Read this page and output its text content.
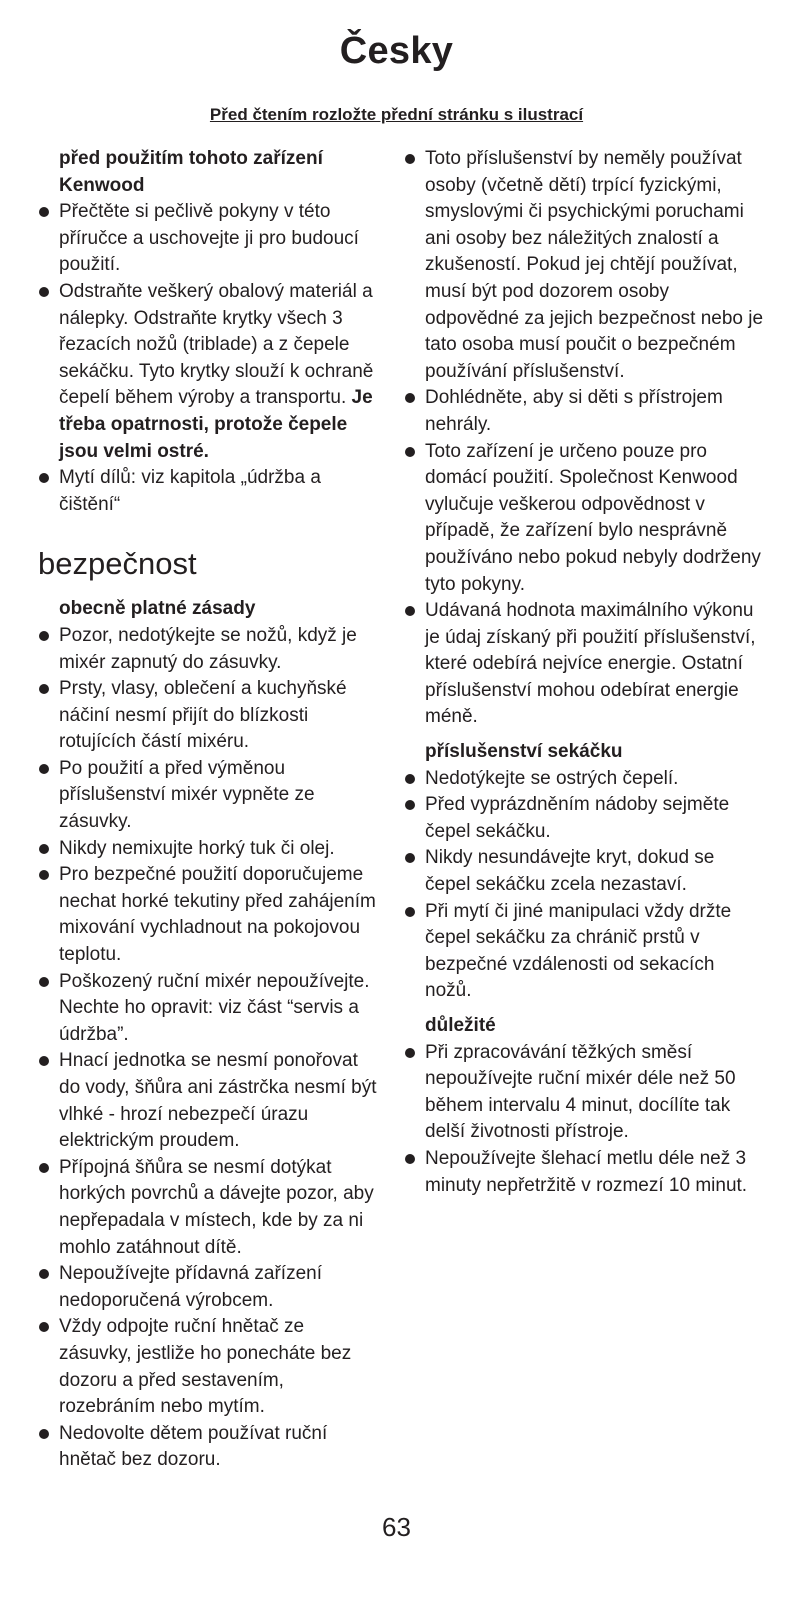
Česky
Před čtením rozložte přední stránku s ilustrací
před použitím tohoto zařízení Kenwood
Přečtěte si pečlivě pokyny v této příručce a uschovejte ji pro budoucí použití.
Odstraňte veškerý obalový materiál a nálepky. Odstraňte krytky všech 3 řezacích nožů (triblade) a z čepele sekáčku. Tyto krytky slouží k ochraně čepelí během výroby a transportu. Je třeba opatrnosti, protože čepele jsou velmi ostré.
Mytí dílů: viz kapitola „údržba a čištění“
bezpečnost
obecně platné zásady
Pozor, nedotýkejte se nožů, když je mixér zapnutý do zásuvky.
Prsty, vlasy, oblečení a kuchyňské náčiní nesmí přijít do blízkosti rotujících částí mixéru.
Po použití a před výměnou příslušenství mixér vypněte ze zásuvky.
Nikdy nemixujte horký tuk či olej.
Pro bezpečné použití doporučujeme nechat horké tekutiny před zahájením mixování vychladnout na pokojovou teplotu.
Poškozený ruční mixér nepoužívejte. Nechte ho opravit: viz část “servis a údržba”.
Hnací jednotka se nesmí ponořovat do vody, šňůra ani zástrčka nesmí být vlhké - hrozí nebezpečí úrazu elektrickým proudem.
Přípojná šňůra se nesmí dotýkat horkých povrchů a dávejte pozor, aby nepřepadala v místech, kde by za ni mohlo zatáhnout dítě.
Nepoužívejte přídavná zařízení nedoporučená výrobcem.
Vždy odpojte ruční hnětač ze zásuvky, jestliže ho ponecháte bez dozoru a před sestavením, rozebráním nebo mytím.
Nedovolte dětem používat ruční hnětač bez dozoru.
Toto příslušenství by neměly používat osoby (včetně dětí) trpící fyzickými, smyslovými či psychickými poruchami ani osoby bez náležitých znalostí a zkušeností. Pokud jej chtějí používat, musí být pod dozorem osoby odpovědné za jejich bezpečnost nebo je tato osoba musí poučit o bezpečném používání příslušenství.
Dohlédněte, aby si děti s přístrojem nehrály.
Toto zařízení je určeno pouze pro domácí použití. Společnost Kenwood vylučuje veškerou odpovědnost v případě, že zařízení bylo nesprávně používáno nebo pokud nebyly dodrženy tyto pokyny.
Udávaná hodnota maximálního výkonu je údaj získaný při použití příslušenství, které odebírá nejvíce energie. Ostatní příslušenství mohou odebírat energie méně.
příslušenství sekáčku
Nedotýkejte se ostrých čepelí.
Před vyprázdněním nádoby sejměte čepel sekáčku.
Nikdy nesundávejte kryt, dokud se čepel sekáčku zcela nezastaví.
Při mytí či jiné manipulaci vždy držte čepel sekáčku za chránič prstů v bezpečné vzdálenosti od sekacích nožů.
důležité
Při zpracovávání těžkých směsí nepoužívejte ruční mixér déle než 50 během intervalu 4 minut, docílíte tak delší životnosti přístroje.
Nepoužívejte šlehací metlu déle než 3 minuty nepřetržitě v rozmezí 10 minut.
63
